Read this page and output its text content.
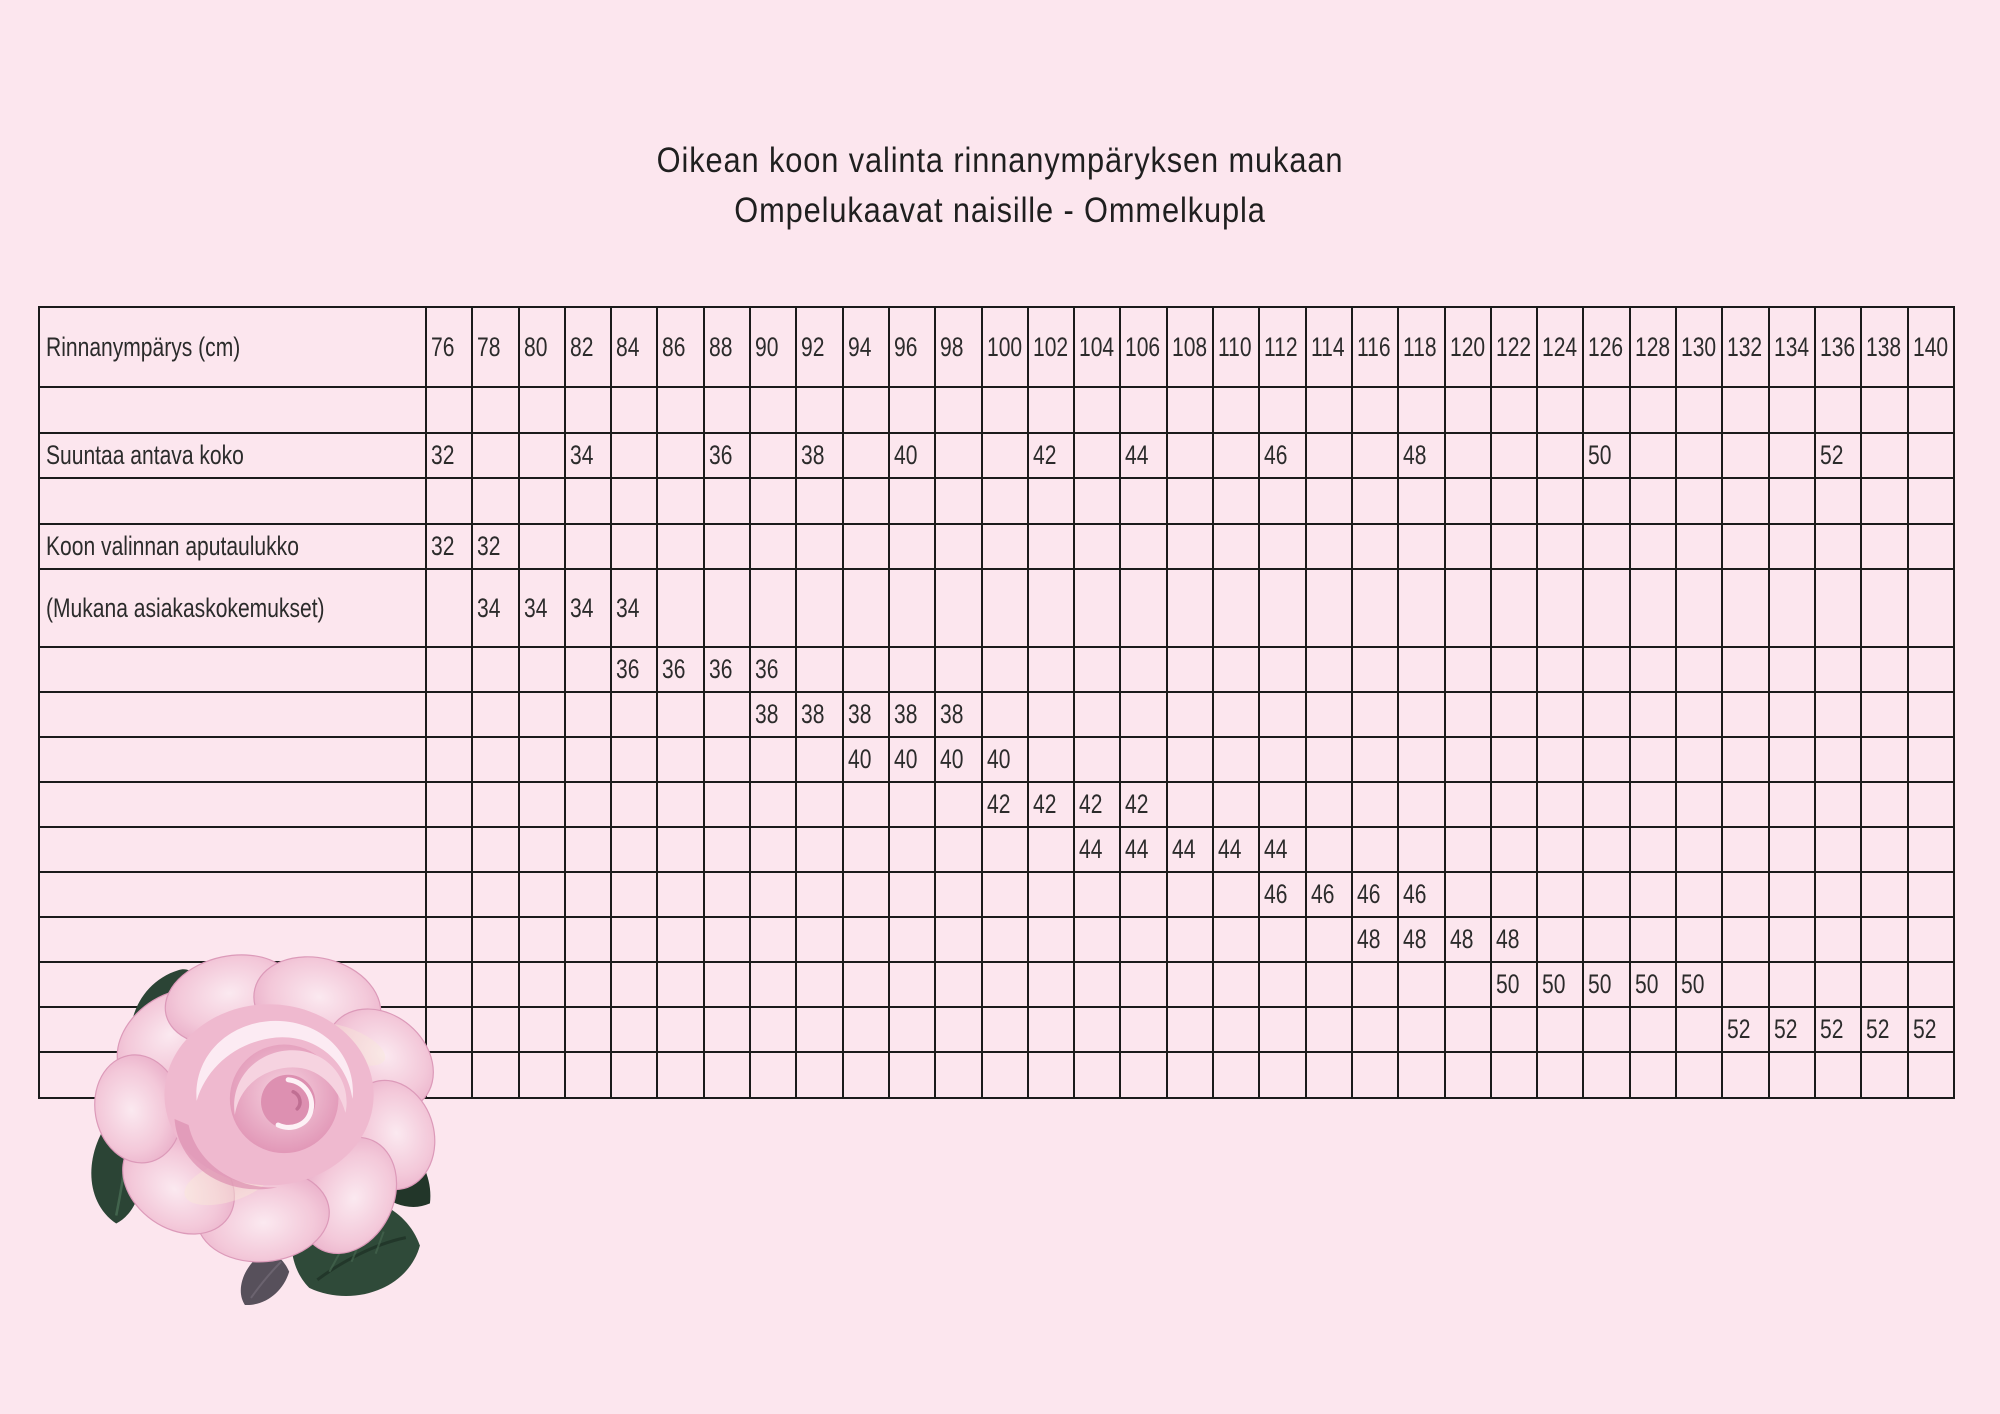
Oikean koon valinta rinnanympäryksen mukaan
Ompelukaavat naisille - Ommelkupla
Rinnanympärys (cm)	76	78	80	82	84	86	88	90	92	94	96	98	100	102	104	106	108	110	112	114	116	118	120	122	124	126	128	130	132	134	136	138	140

Suuntaa antava koko	32			34			36		38		40			42		44			46			48				50					52		

Koon valinnan aputaulukko	32	32																															
(Mukana asiakaskokemukset)		34	34	34	34																												
					36	36	36	36																									
								38	38	38	38	38																					
										40	40	40	40																				
													42	42	42	42																	
															44	44	44	44	44														
																			46	46	46	46											
																					48	48	48	48									
																								50	50	50	50	50					
																													52	52	52	52	52
